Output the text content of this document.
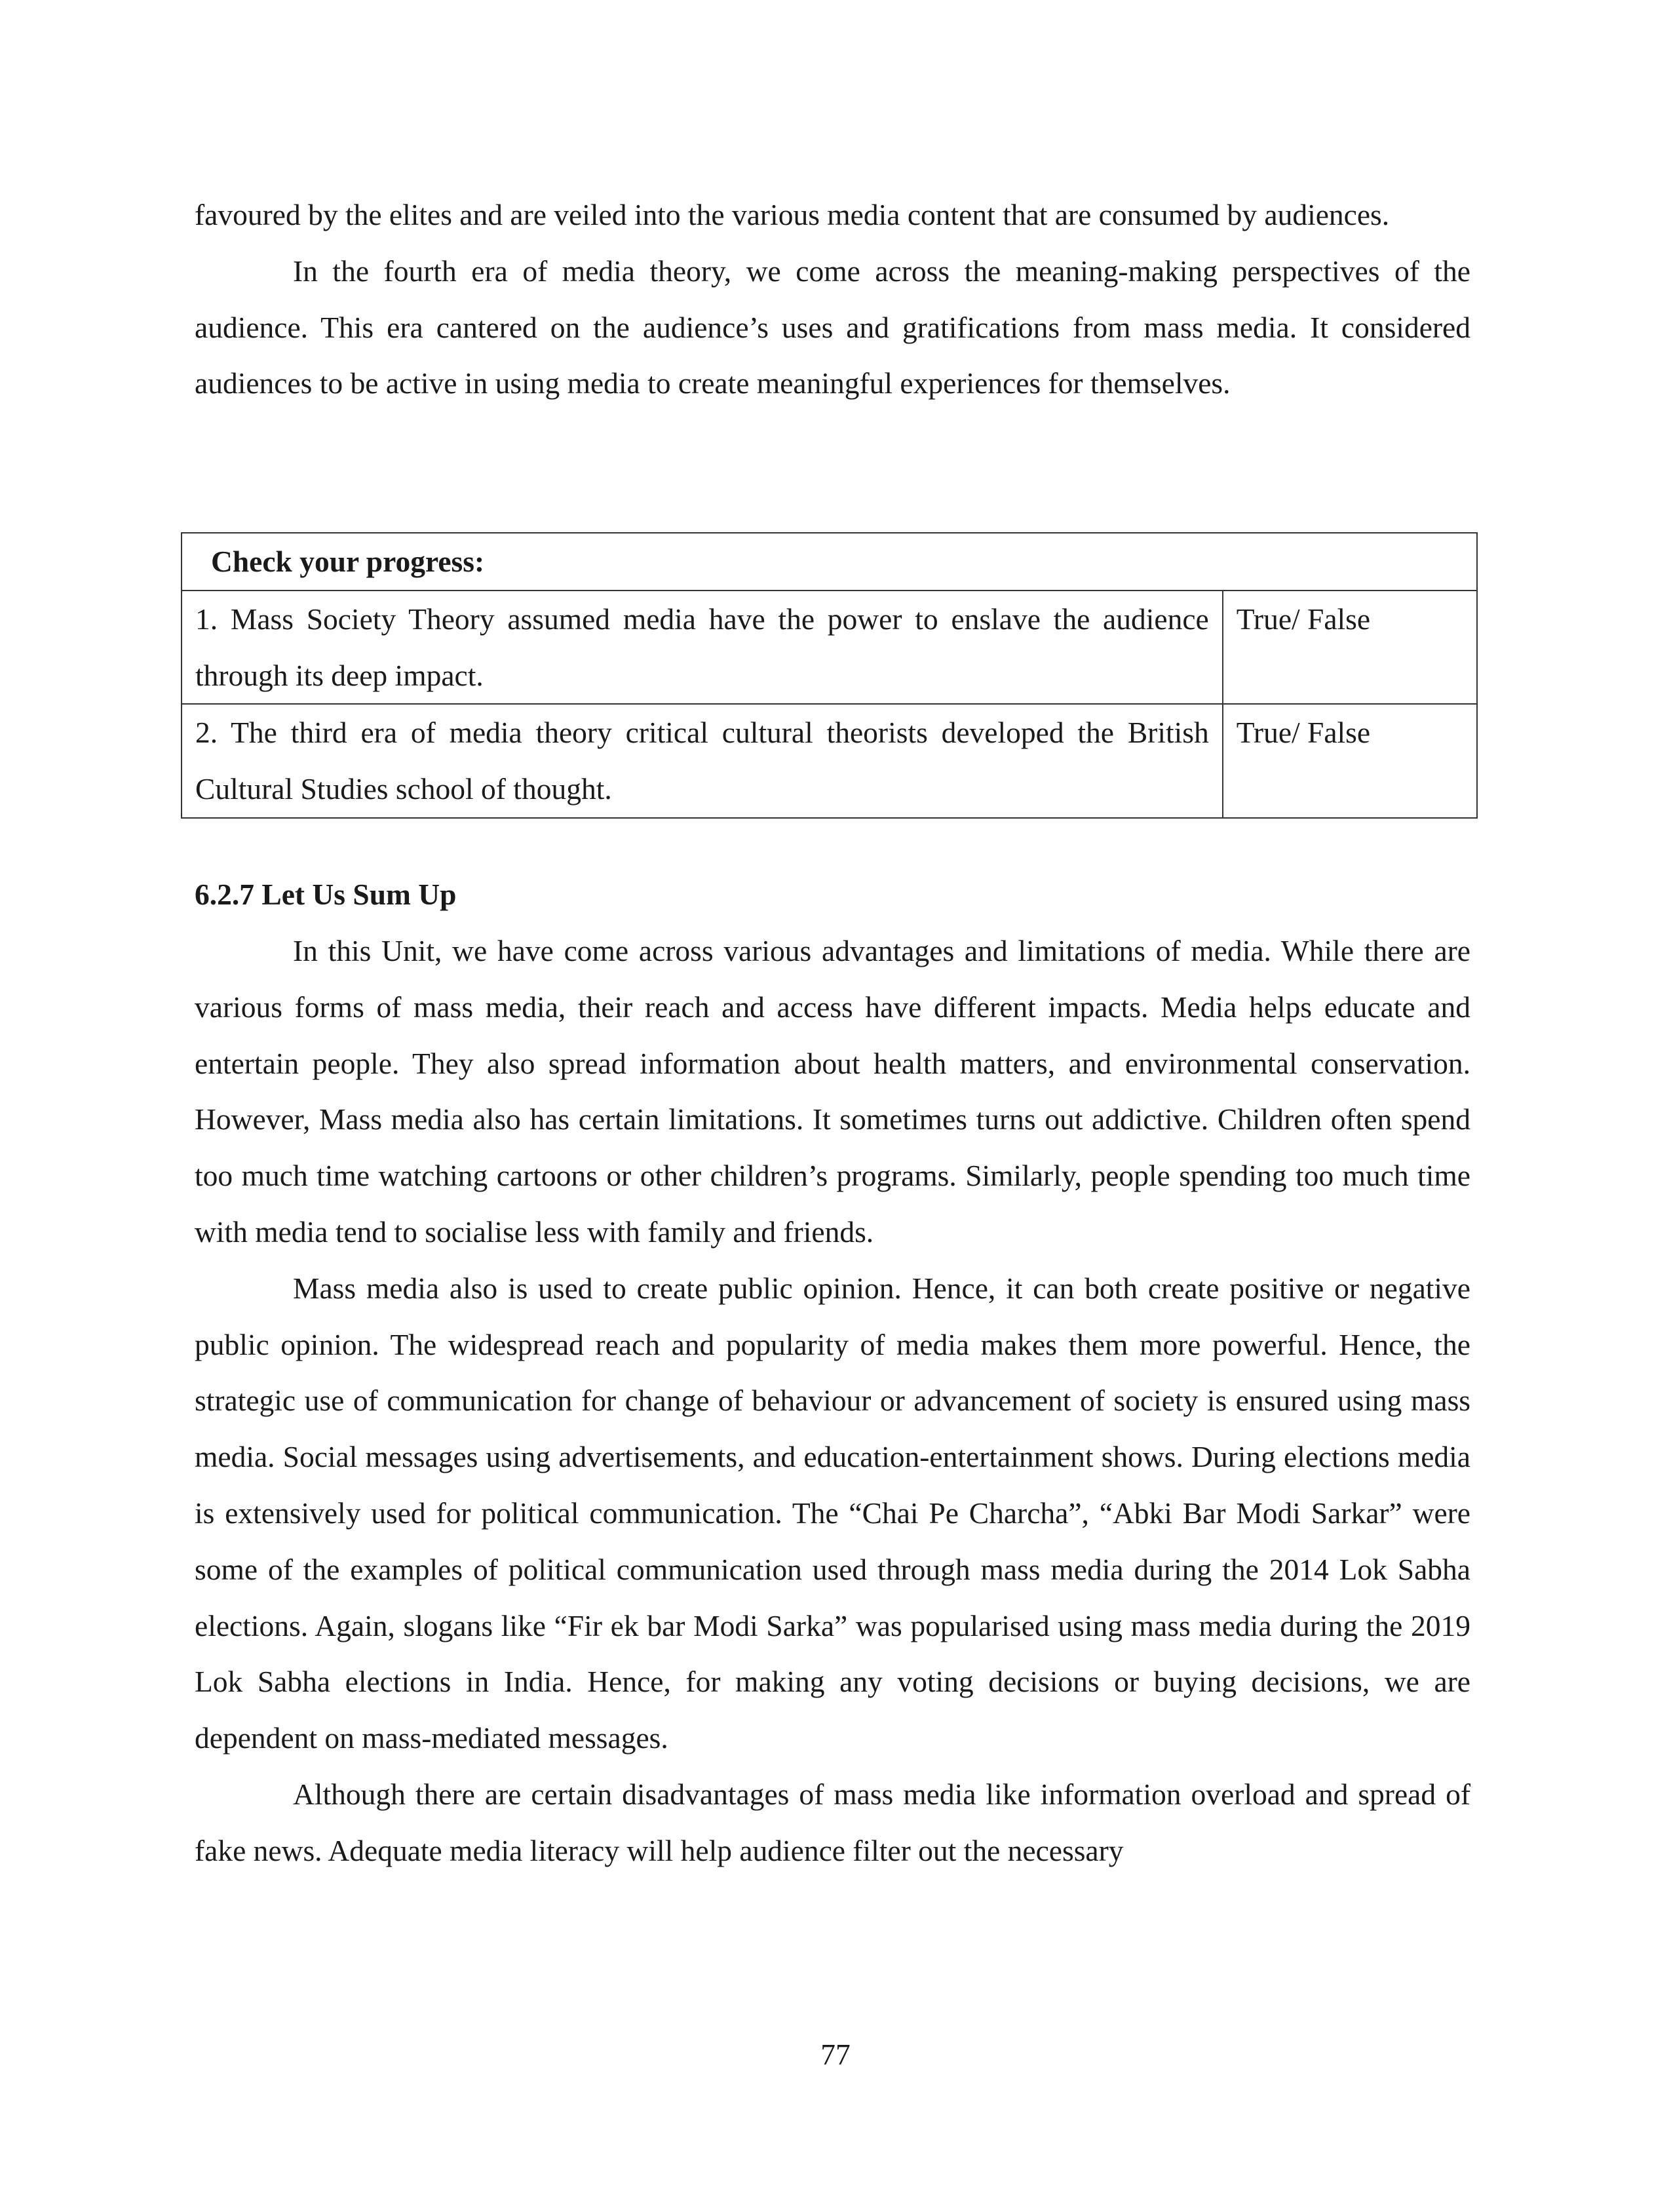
favoured by the elites and are veiled into the various media content that are consumed by audiences.

In the fourth era of media theory, we come across the meaning-making perspectives of the audience. This era cantered on the audience’s uses and gratifications from mass media. It considered audiences to be active in using media to create meaningful experiences for themselves.

Check your progress:	
1. Mass Society Theory assumed media have the power to enslave the audience through its deep impact.	True/ False
2. The third era of media theory critical cultural theorists developed the British Cultural Studies school of thought.	True/ False
6.2.7 Let Us Sum Up

In this Unit, we have come across various advantages and limitations of media. While there are various forms of mass media, their reach and access have different impacts. Media helps educate and entertain people. They also spread information about health matters, and environmental conservation. However, Mass media also has certain limitations. It sometimes turns out addictive. Children often spend too much time watching cartoons or other children’s programs. Similarly, people spending too much time with media tend to socialise less with family and friends.

Mass media also is used to create public opinion. Hence, it can both create positive or negative public opinion. The widespread reach and popularity of media makes them more powerful. Hence, the strategic use of communication for change of behaviour or advancement of society is ensured using mass media. Social messages using advertisements, and education-entertainment shows. During elections media is extensively used for political communication. The “Chai Pe Charcha”, “Abki Bar Modi Sarkar” were some of the examples of political communication used through mass media during the 2014 Lok Sabha elections. Again, slogans like “Fir ek bar Modi Sarka” was popularised using mass media during the 2019 Lok Sabha elections in India. Hence, for making any voting decisions or buying decisions, we are dependent on mass-mediated messages.

Although there are certain disadvantages of mass media like information overload and spread of fake news. Adequate media literacy will help audience filter out the necessary

77
